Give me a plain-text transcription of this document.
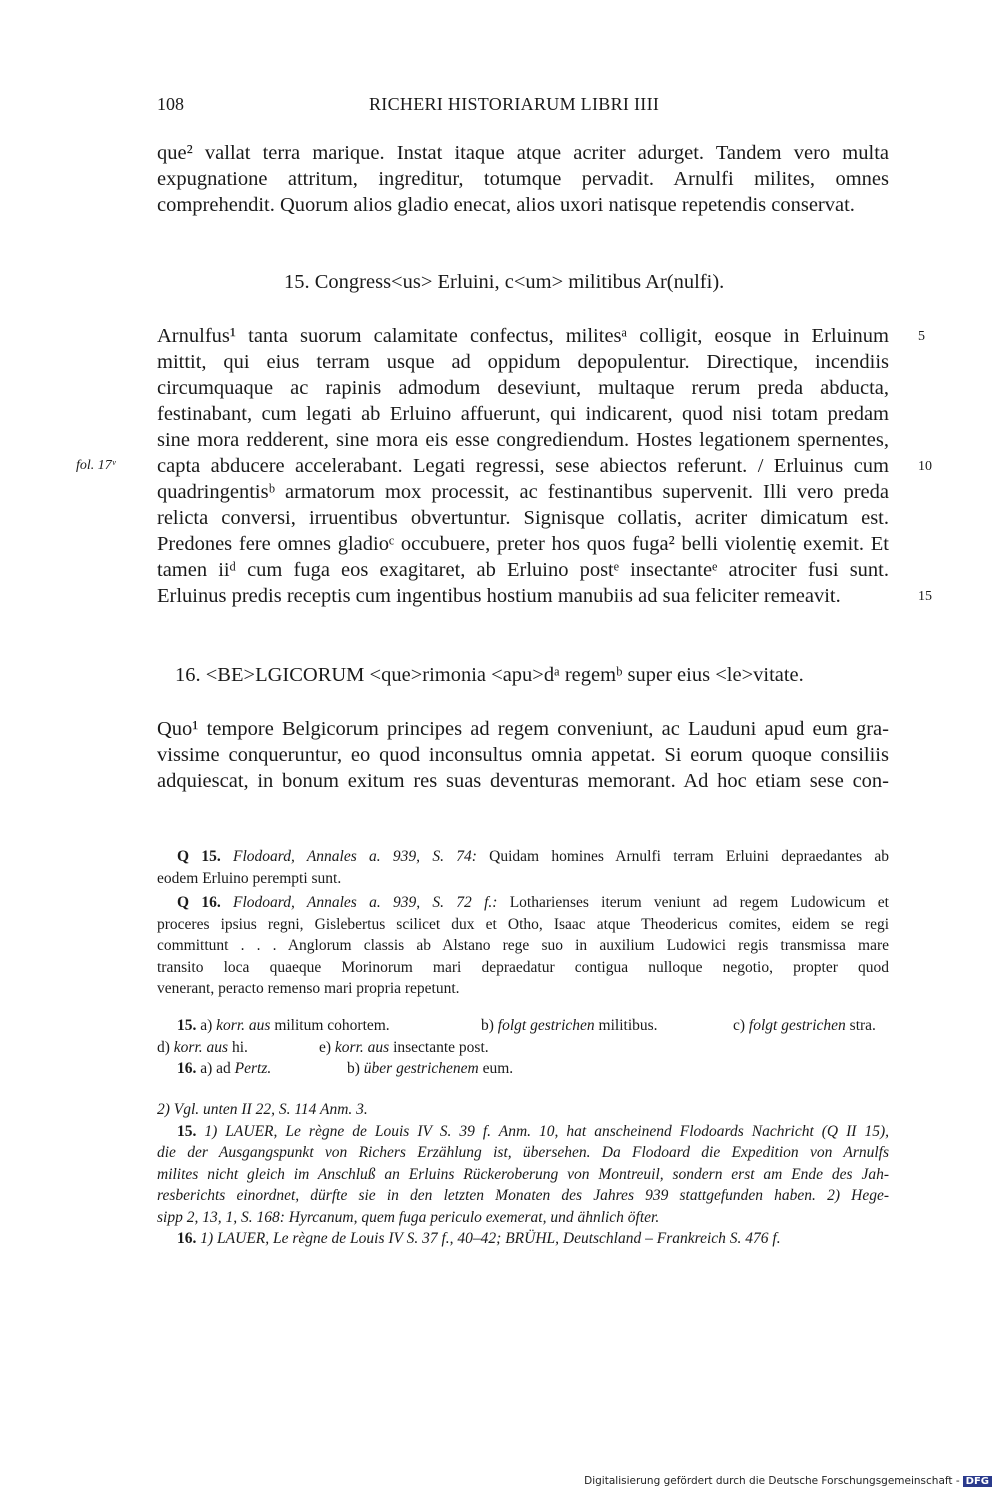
108	RICHERI HISTORIARUM LIBRI IIII
que² vallat terra marique. Instat itaque atque acriter adurget. Tandem vero multa
expugnatione attritum, ingreditur, totumque pervadit. Arnulfi milites, omnes
comprehendit. Quorum alios gladio enecat, alios uxori natisque repetendis conservat.
15. Congress<us> Erluini, c<um> militibus Ar(nulfi).
Arnulfus¹ tanta suorum calamitate confectus, militesᵃ colligit, eosque in Erluinum
mittit, qui eius terram usque ad oppidum depopulentur. Directique, incendiis
circumquaque ac rapinis admodum deseviunt, multaque rerum preda abducta,
festinabant, cum legati ab Erluino affuerunt, qui indicarent, quod nisi totam predam
sine mora redderent, sine mora eis esse congrediendum. Hostes legationem spernentes,
capta abducere accelerabant. Legati regressi, sese abiectos referunt. / Erluinus cum
quadringentisᵇ armatorum mox processit, ac festinantibus supervenit. Illi vero preda
relicta conversi, irruentibus obvertuntur. Signisque collatis, acriter dimicatum est.
Predones fere omnes gladioᶜ occubuere, preter hos quos fuga² belli violentię exemit. Et
tamen iiᵈ cum fuga eos exagitaret, ab Erluino postᵉ insectanteᵉ atrociter fusi sunt.
Erluinus predis receptis cum ingentibus hostium manubiis ad sua feliciter remeavit.
5
10
15
fol. 17ᵛ
16. <BE>LGICORUM <que>rimonia <apu>dᵃ regemᵇ super eius <le>vitate.
Quo¹ tempore Belgicorum principes ad regem conveniunt, ac Lauduni apud eum gra-
vissime conqueruntur, eo quod inconsultus omnia appetat. Si eorum quoque consiliis
adquiescat, in bonum exitum res suas deventuras memorant. Ad hoc etiam sese con-
Q 15. Flodoard, Annales a. 939, S. 74: Quidam homines Arnulfi terram Erluini depraedantes ab
eodem Erluino perempti sunt.
Q 16. Flodoard, Annales a. 939, S. 72 f.: Lotharienses iterum veniunt ad regem Ludowicum et
proceres ipsius regni, Gislebertus scilicet dux et Otho, Isaac atque Theodericus comites, eidem se regi
committunt . . . Anglorum classis ab Alstano rege suo in auxilium Ludowici regis transmissa mare
transito loca quaeque Morinorum mari depraedatur contigua nulloque negotio, propter quod
venerant, peracto remenso mari propria repetunt.
15. a) korr. aus militum cohortem.	b) folgt gestrichen militibus.	c) folgt gestrichen stra.
d) korr. aus hi.	e) korr. aus insectante post.
16. a) ad Pertz.	b) über gestrichenem eum.
2) Vgl. unten II 22, S. 114 Anm. 3.
15. 1) LAUER, Le règne de Louis IV S. 39 f. Anm. 10, hat anscheinend Flodoards Nachricht (Q II 15),
die der Ausgangspunkt von Richers Erzählung ist, übersehen. Da Flodoard die Expedition von Arnulfs
milites nicht gleich im Anschluß an Erluins Rückeroberung von Montreuil, sondern erst am Ende des Jah-
resberichts einordnet, dürfte sie in den letzten Monaten des Jahres 939 stattgefunden haben. 2) Hege-
sipp 2, 13, 1, S. 168: Hyrcanum, quem fuga periculo exemerat, und ähnlich öfter.
16. 1) LAUER, Le règne de Louis IV S. 37 f., 40–42; BRÜHL, Deutschland – Frankreich S. 476 f.
Digitalisierung gefördert durch die Deutsche Forschungsgemeinschaft - DFG
